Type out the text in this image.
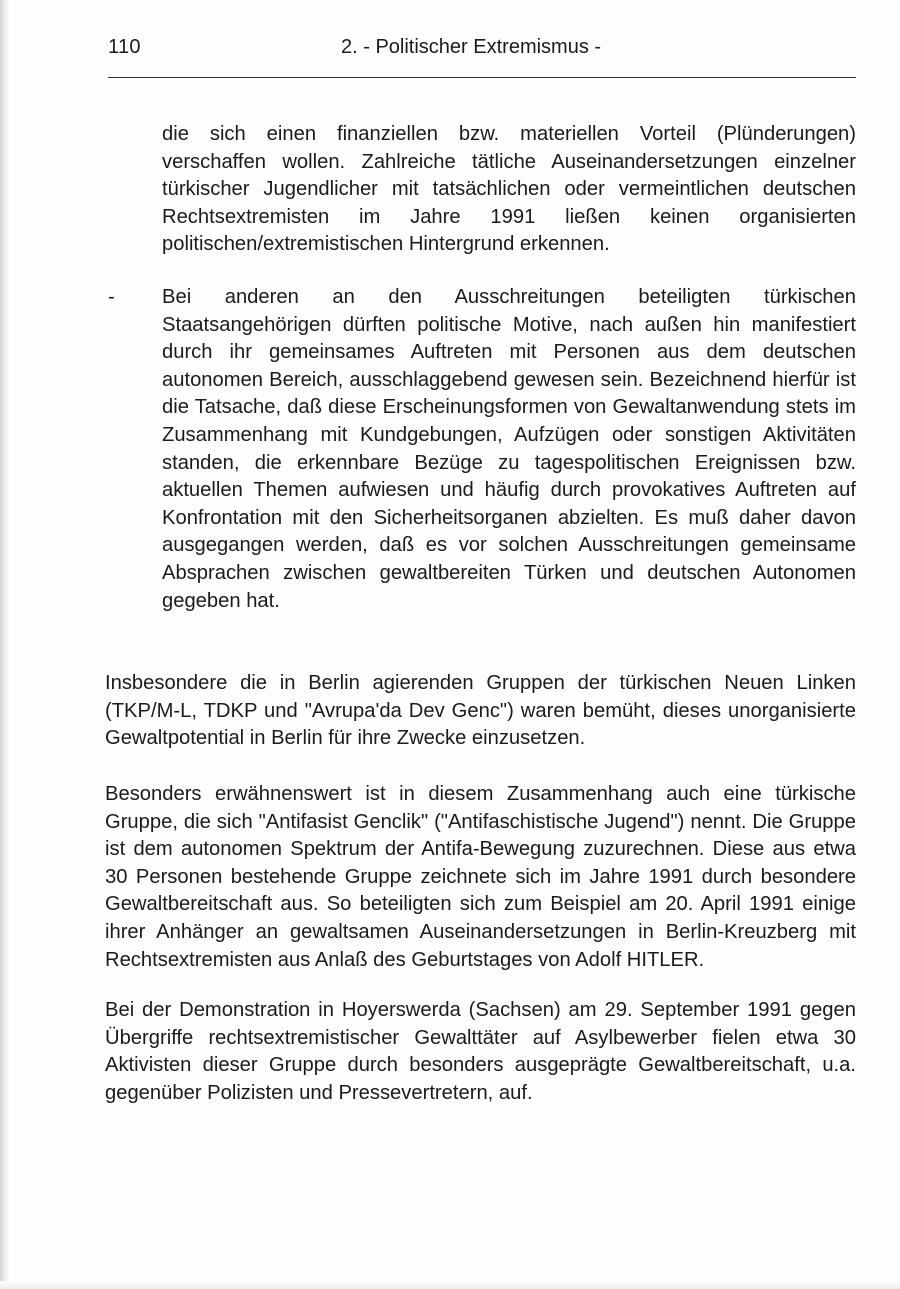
110	2. - Politischer Extremismus -

die sich einen finanziellen bzw. materiellen Vorteil (Plünderungen) verschaffen wollen. Zahlreiche tätliche Auseinandersetzungen einzelner türkischer Jugendlicher mit tatsächlichen oder vermeintlichen deutschen Rechtsextremisten im Jahre 1991 ließen keinen organisierten politischen/extremistischen Hintergrund erkennen.

- Bei anderen an den Ausschreitungen beteiligten türkischen Staatsangehörigen dürften politische Motive, nach außen hin manifestiert durch ihr gemeinsames Auftreten mit Personen aus dem deutschen autonomen Bereich, ausschlaggebend gewesen sein. Bezeichnend hierfür ist die Tatsache, daß diese Erscheinungsformen von Gewaltanwendung stets im Zusammenhang mit Kundgebungen, Aufzügen oder sonstigen Aktivitäten standen, die erkennbare Bezüge zu tagespolitischen Ereignissen bzw. aktuellen Themen aufwiesen und häufig durch provokatives Auftreten auf Konfrontation mit den Sicherheitsorganen abzielten. Es muß daher davon ausgegangen werden, daß es vor solchen Ausschreitungen gemeinsame Absprachen zwischen gewaltbereiten Türken und deutschen Autonomen gegeben hat.

Insbesondere die in Berlin agierenden Gruppen der türkischen Neuen Linken (TKP/M-L, TDKP und "Avrupa'da Dev Genc") waren bemüht, dieses unorganisierte Gewaltpotential in Berlin für ihre Zwecke einzusetzen.

Besonders erwähnenswert ist in diesem Zusammenhang auch eine türkische Gruppe, die sich "Antifasist Genclik" ("Antifaschistische Jugend") nennt. Die Gruppe ist dem autonomen Spektrum der Antifa-Bewegung zuzurechnen. Diese aus etwa 30 Personen bestehende Gruppe zeichnete sich im Jahre 1991 durch besondere Gewaltbereitschaft aus. So beteiligten sich zum Beispiel am 20. April 1991 einige ihrer Anhänger an gewaltsamen Auseinandersetzungen in Berlin-Kreuzberg mit Rechtsextremisten aus Anlaß des Geburtstages von Adolf HITLER.

Bei der Demonstration in Hoyerswerda (Sachsen) am 29. September 1991 gegen Übergriffe rechtsextremistischer Gewalttäter auf Asylbewerber fielen etwa 30 Aktivisten dieser Gruppe durch besonders ausgeprägte Gewaltbereitschaft, u.a. gegenüber Polizisten und Pressevertretern, auf.
